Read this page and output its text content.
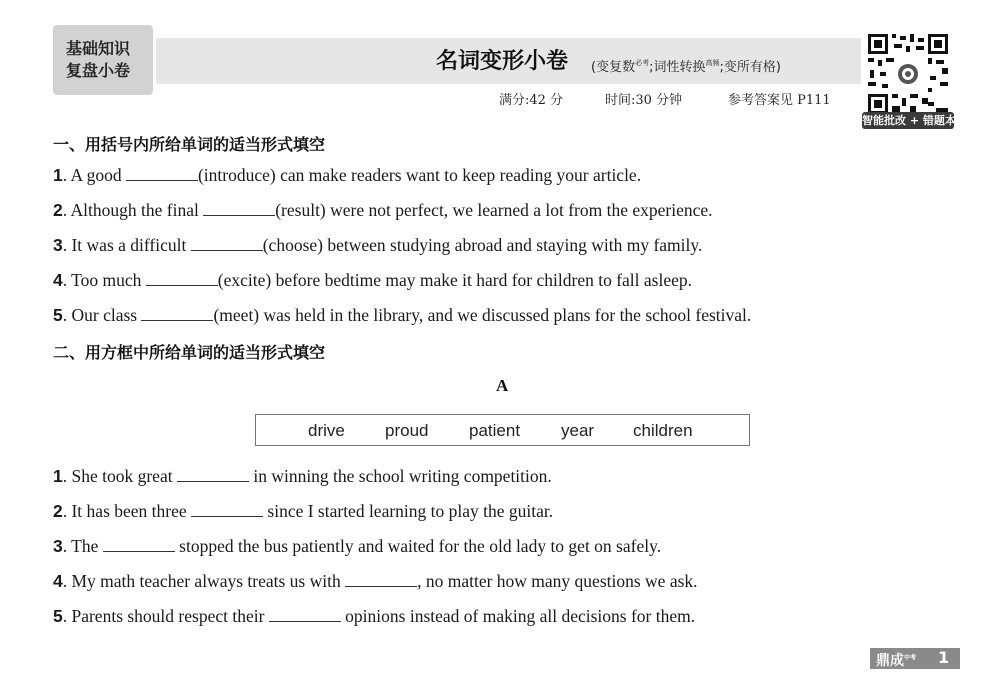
基础知识
复盘小卷	名词变形小卷 (变复数$^{必考}$;词性转换$^{高频}$;变所有格)
满分:42 分	时间:30 分钟	参考答案见 P111
智能批改 + 错题本
一、用括号内所给单词的适当形式填空
1. A good	(introduce) can make readers want to keep reading your article.
2. Although the final	(result) were not perfect, we learned a lot from the experience.
3. It was a difficult	(choose) between studying abroad and staying with my family.
4. Too much	(excite) before bedtime may make it hard for children to fall asleep.
5. Our class	(meet) was held in the library, and we discussed plans for the school festival.
二、用方框中所给单词的适当形式填空
A
drive proud patient year children
1. She took great	in winning the school writing competition.
2. It has been three	since I started learning to play the guitar.
3. The	stopped the bus patiently and waited for the old lady to get on safely.
4. My math teacher always treats us with	, no matter how many questions we ask.
5. Parents should respect their	opinions instead of making all decisions for them.
鼎成$^{中考}$ 1
